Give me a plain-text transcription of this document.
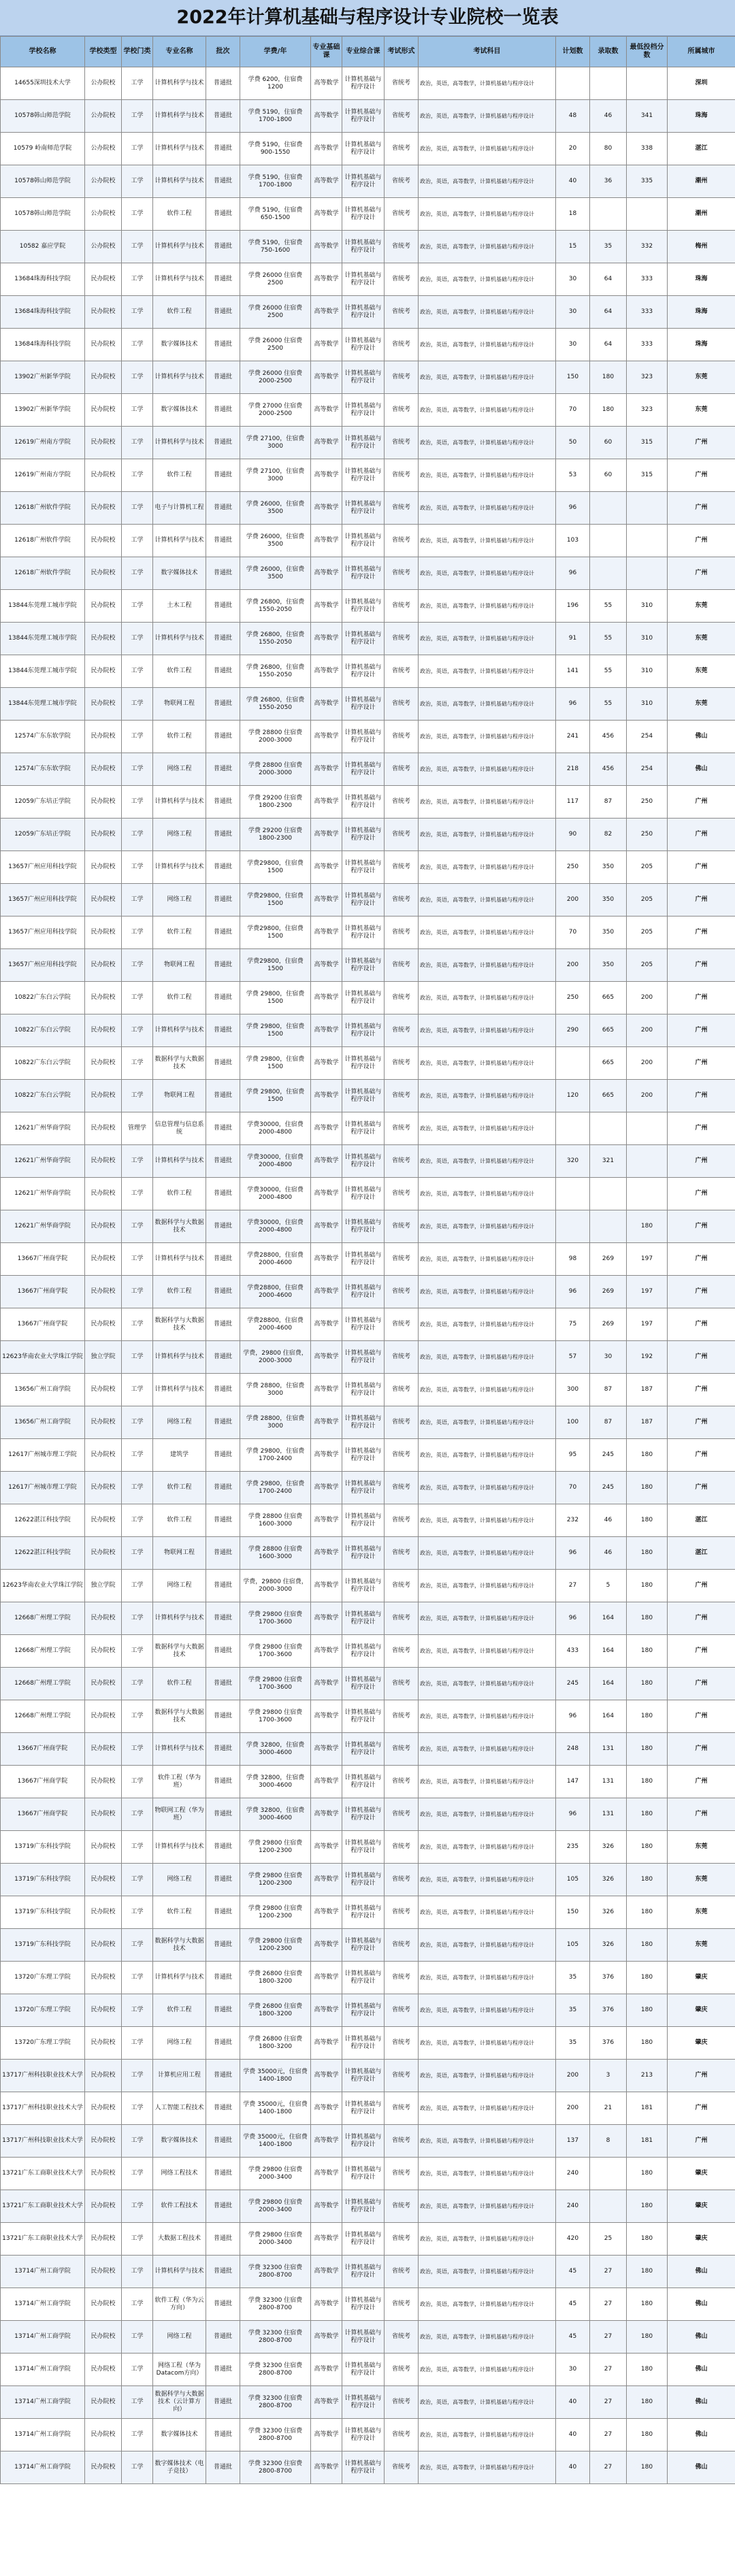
2022年计算机基础与程序设计专业院校一览表
学校名称	学校类型	学校门类	专业名称	批次	学费/年	专业基础课	专业综合课	考试形式	考试科目	计划数	录取数	最低投档分数	所属城市
14655深圳技术大学	公办院校	工学	计算机科学与技术	普通批	学费 6200，住宿费 1200	高等数学	计算机基础与程序设计	省统考	政治，英语，高等数学，计算机基础与程序设计				深圳
10578韩山师范学院	公办院校	工学	计算机科学与技术	普通批	学费 5190，住宿费 1700-1800	高等数学	计算机基础与程序设计	省统考	政治，英语，高等数学，计算机基础与程序设计	48	46	341	珠海
10579 岭南师范学院	公办院校	工学	计算机科学与技术	普通批	学费 5190，住宿费 900-1550	高等数学	计算机基础与程序设计	省统考	政治，英语，高等数学，计算机基础与程序设计	20	80	338	湛江
10578韩山师范学院	公办院校	工学	计算机科学与技术	普通批	学费 5190，住宿费 1700-1800	高等数学	计算机基础与程序设计	省统考	政治，英语，高等数学，计算机基础与程序设计	40	36	335	潮州
10578韩山师范学院	公办院校	工学	软件工程	普通批	学费 5190，住宿费 650-1500	高等数学	计算机基础与程序设计	省统考	政治，英语，高等数学，计算机基础与程序设计	18			潮州
10582 嘉应学院	公办院校	工学	计算机科学与技术	普通批	学费 5190，住宿费 750-1600	高等数学	计算机基础与程序设计	省统考	政治，英语，高等数学，计算机基础与程序设计	15	35	332	梅州
13684珠海科技学院	民办院校	工学	计算机科学与技术	普通批	学费 26000 住宿费 2500	高等数学	计算机基础与程序设计	省统考	政治，英语，高等数学，计算机基础与程序设计	30	64	333	珠海
13684珠海科技学院	民办院校	工学	软件工程	普通批	学费 26000 住宿费 2500	高等数学	计算机基础与程序设计	省统考	政治，英语，高等数学，计算机基础与程序设计	30	64	333	珠海
13684珠海科技学院	民办院校	工学	数字媒体技术	普通批	学费 26000 住宿费 2500	高等数学	计算机基础与程序设计	省统考	政治，英语，高等数学，计算机基础与程序设计	30	64	333	珠海
13902广州新华学院	民办院校	工学	计算机科学与技术	普通批	学费 26000 住宿费 2000-2500	高等数学	计算机基础与程序设计	省统考	政治，英语，高等数学，计算机基础与程序设计	150	180	323	东莞
13902广州新华学院	民办院校	工学	数字媒体技术	普通批	学费 27000 住宿费 2000-2500	高等数学	计算机基础与程序设计	省统考	政治，英语，高等数学，计算机基础与程序设计	70	180	323	东莞
12619广州南方学院	民办院校	工学	计算机科学与技术	普通批	学费 27100，住宿费 3000	高等数学	计算机基础与程序设计	省统考	政治，英语，高等数学，计算机基础与程序设计	50	60	315	广州
12619广州南方学院	民办院校	工学	软件工程	普通批	学费 27100，住宿费 3000	高等数学	计算机基础与程序设计	省统考	政治，英语，高等数学，计算机基础与程序设计	53	60	315	广州
12618广州软件学院	民办院校	工学	电子与计算机工程	普通批	学费 26000，住宿费 3500	高等数学	计算机基础与程序设计	省统考	政治，英语，高等数学，计算机基础与程序设计	96			广州
12618广州软件学院	民办院校	工学	计算机科学与技术	普通批	学费 26000，住宿费 3500	高等数学	计算机基础与程序设计	省统考	政治，英语，高等数学，计算机基础与程序设计	103			广州
12618广州软件学院	民办院校	工学	数字媒体技术	普通批	学费 26000，住宿费 3500	高等数学	计算机基础与程序设计	省统考	政治，英语，高等数学，计算机基础与程序设计	96			广州
13844东莞理工城市学院	民办院校	工学	土木工程	普通批	学费 26800，住宿费 1550-2050	高等数学	计算机基础与程序设计	省统考	政治，英语，高等数学，计算机基础与程序设计	196	55	310	东莞
13844东莞理工城市学院	民办院校	工学	计算机科学与技术	普通批	学费 26800，住宿费 1550-2050	高等数学	计算机基础与程序设计	省统考	政治，英语，高等数学，计算机基础与程序设计	91	55	310	东莞
13844东莞理工城市学院	民办院校	工学	软件工程	普通批	学费 26800，住宿费 1550-2050	高等数学	计算机基础与程序设计	省统考	政治，英语，高等数学，计算机基础与程序设计	141	55	310	东莞
13844东莞理工城市学院	民办院校	工学	物联网工程	普通批	学费 26800，住宿费 1550-2050	高等数学	计算机基础与程序设计	省统考	政治，英语，高等数学，计算机基础与程序设计	96	55	310	东莞
12574广东东软学院	民办院校	工学	软件工程	普通批	学费 28800 住宿费 2000-3000	高等数学	计算机基础与程序设计	省统考	政治，英语，高等数学，计算机基础与程序设计	241	456	254	佛山
12574广东东软学院	民办院校	工学	网络工程	普通批	学费 28800 住宿费 2000-3000	高等数学	计算机基础与程序设计	省统考	政治，英语，高等数学，计算机基础与程序设计	218	456	254	佛山
12059广东培正学院	民办院校	工学	计算机科学与技术	普通批	学费 29200 住宿费 1800-2300	高等数学	计算机基础与程序设计	省统考	政治，英语，高等数学，计算机基础与程序设计	117	87	250	广州
12059广东培正学院	民办院校	工学	网络工程	普通批	学费 29200 住宿费 1800-2300	高等数学	计算机基础与程序设计	省统考	政治，英语，高等数学，计算机基础与程序设计	90	82	250	广州
13657广州应用科技学院	民办院校	工学	计算机科学与技术	普通批	学费29800，住宿费1500	高等数学	计算机基础与程序设计	省统考	政治，英语，高等数学，计算机基础与程序设计	250	350	205	广州
13657广州应用科技学院	民办院校	工学	网络工程	普通批	学费29800，住宿费1500	高等数学	计算机基础与程序设计	省统考	政治，英语，高等数学，计算机基础与程序设计	200	350	205	广州
13657广州应用科技学院	民办院校	工学	软件工程	普通批	学费29800，住宿费1500	高等数学	计算机基础与程序设计	省统考	政治，英语，高等数学，计算机基础与程序设计	70	350	205	广州
13657广州应用科技学院	民办院校	工学	物联网工程	普通批	学费29800，住宿费1500	高等数学	计算机基础与程序设计	省统考	政治，英语，高等数学，计算机基础与程序设计	200	350	205	广州
10822广东白云学院	民办院校	工学	软件工程	普通批	学费 29800，住宿费 1500	高等数学	计算机基础与程序设计	省统考	政治，英语，高等数学，计算机基础与程序设计	250	665	200	广州
10822广东白云学院	民办院校	工学	计算机科学与技术	普通批	学费 29800，住宿费 1500	高等数学	计算机基础与程序设计	省统考	政治，英语，高等数学，计算机基础与程序设计	290	665	200	广州
10822广东白云学院	民办院校	工学	数据科学与大数据技术	普通批	学费 29800，住宿费 1500	高等数学	计算机基础与程序设计	省统考	政治，英语，高等数学，计算机基础与程序设计		665	200	广州
10822广东白云学院	民办院校	工学	物联网工程	普通批	学费 29800，住宿费 1500	高等数学	计算机基础与程序设计	省统考	政治，英语，高等数学，计算机基础与程序设计	120	665	200	广州
12621广州华商学院	民办院校	管理学	信息管理与信息系统	普通批	学费30000，住宿费2000-4800	高等数学	计算机基础与程序设计	省统考	政治，英语，高等数学，计算机基础与程序设计				广州
12621广州华商学院	民办院校	工学	计算机科学与技术	普通批	学费30000，住宿费2000-4800	高等数学	计算机基础与程序设计	省统考	政治，英语，高等数学，计算机基础与程序设计	320	321		广州
12621广州华商学院	民办院校	工学	软件工程	普通批	学费30000，住宿费2000-4800	高等数学	计算机基础与程序设计	省统考	政治，英语，高等数学，计算机基础与程序设计				广州
12621广州华商学院	民办院校	工学	数据科学与大数据技术	普通批	学费30000，住宿费2000-4800	高等数学	计算机基础与程序设计	省统考	政治，英语，高等数学，计算机基础与程序设计			180	广州
13667广州商学院	民办院校	工学	计算机科学与技术	普通批	学费28800，住宿费2000-4600	高等数学	计算机基础与程序设计	省统考	政治，英语，高等数学，计算机基础与程序设计	98	269	197	广州
13667广州商学院	民办院校	工学	软件工程	普通批	学费28800，住宿费2000-4600	高等数学	计算机基础与程序设计	省统考	政治，英语，高等数学，计算机基础与程序设计	96	269	197	广州
13667广州商学院	民办院校	工学	数据科学与大数据技术	普通批	学费28800，住宿费2000-4600	高等数学	计算机基础与程序设计	省统考	政治，英语，高等数学，计算机基础与程序设计	75	269	197	广州
12623华南农业大学珠江学院	独立学院	工学	计算机科学与技术	普通批	学费，29800 住宿费，2000-3000	高等数学	计算机基础与程序设计	省统考	政治，英语，高等数学，计算机基础与程序设计	57	30	192	广州
13656广州工商学院	民办院校	工学	计算机科学与技术	普通批	学费 28800，住宿费 3000	高等数学	计算机基础与程序设计	省统考	政治，英语，高等数学，计算机基础与程序设计	300	87	187	广州
13656广州工商学院	民办院校	工学	网络工程	普通批	学费 28800，住宿费 3000	高等数学	计算机基础与程序设计	省统考	政治，英语，高等数学，计算机基础与程序设计	100	87	187	广州
12617广州城市理工学院	民办院校	工学	建筑学	普通批	学费 29800，住宿费 1700-2400	高等数学	计算机基础与程序设计	省统考	政治，英语，高等数学，计算机基础与程序设计	95	245	180	广州
12617广州城市理工学院	民办院校	工学	软件工程	普通批	学费 29800，住宿费 1700-2400	高等数学	计算机基础与程序设计	省统考	政治，英语，高等数学，计算机基础与程序设计	70	245	180	广州
12622湛江科技学院	民办院校	工学	软件工程	普通批	学费 28800 住宿费 1600-3000	高等数学	计算机基础与程序设计	省统考	政治，英语，高等数学，计算机基础与程序设计	232	46	180	湛江
12622湛江科技学院	民办院校	工学	物联网工程	普通批	学费 28800 住宿费 1600-3000	高等数学	计算机基础与程序设计	省统考	政治，英语，高等数学，计算机基础与程序设计	96	46	180	湛江
12623华南农业大学珠江学院	独立学院	工学	网络工程	普通批	学费，29800 住宿费，2000-3000	高等数学	计算机基础与程序设计	省统考	政治，英语，高等数学，计算机基础与程序设计	27	5	180	广州
12668广州理工学院	民办院校	工学	计算机科学与技术	普通批	学费 29800 住宿费 1700-3600	高等数学	计算机基础与程序设计	省统考	政治，英语，高等数学，计算机基础与程序设计	96	164	180	广州
12668广州理工学院	民办院校	工学	数据科学与大数据技术	普通批	学费 29800 住宿费 1700-3600	高等数学	计算机基础与程序设计	省统考	政治，英语，高等数学，计算机基础与程序设计	433	164	180	广州
12668广州理工学院	民办院校	工学	软件工程	普通批	学费 29800 住宿费 1700-3600	高等数学	计算机基础与程序设计	省统考	政治，英语，高等数学，计算机基础与程序设计	245	164	180	广州
12668广州理工学院	民办院校	工学	数据科学与大数据技术	普通批	学费 29800 住宿费 1700-3600	高等数学	计算机基础与程序设计	省统考	政治，英语，高等数学，计算机基础与程序设计	96	164	180	广州
13667广州商学院	民办院校	工学	计算机科学与技术	普通批	学费 32800，住宿费 3000-4600	高等数学	计算机基础与程序设计	省统考	政治，英语，高等数学，计算机基础与程序设计	248	131	180	广州
13667广州商学院	民办院校	工学	软件工程（华为班）	普通批	学费 32800，住宿费 3000-4600	高等数学	计算机基础与程序设计	省统考	政治，英语，高等数学，计算机基础与程序设计	147	131	180	广州
13667广州商学院	民办院校	工学	物联网工程（华为班）	普通批	学费 32800，住宿费 3000-4600	高等数学	计算机基础与程序设计	省统考	政治，英语，高等数学，计算机基础与程序设计	96	131	180	广州
13719广东科技学院	民办院校	工学	计算机科学与技术	普通批	学费 29800 住宿费 1200-2300	高等数学	计算机基础与程序设计	省统考	政治，英语，高等数学，计算机基础与程序设计	235	326	180	东莞
13719广东科技学院	民办院校	工学	网络工程	普通批	学费 29800 住宿费 1200-2300	高等数学	计算机基础与程序设计	省统考	政治，英语，高等数学，计算机基础与程序设计	105	326	180	东莞
13719广东科技学院	民办院校	工学	软件工程	普通批	学费 29800 住宿费 1200-2300	高等数学	计算机基础与程序设计	省统考	政治，英语，高等数学，计算机基础与程序设计	150	326	180	东莞
13719广东科技学院	民办院校	工学	数据科学与大数据技术	普通批	学费 29800 住宿费 1200-2300	高等数学	计算机基础与程序设计	省统考	政治，英语，高等数学，计算机基础与程序设计	105	326	180	东莞
13720广东理工学院	民办院校	工学	计算机科学与技术	普通批	学费 26800 住宿费 1800-3200	高等数学	计算机基础与程序设计	省统考	政治，英语，高等数学，计算机基础与程序设计	35	376	180	肇庆
13720广东理工学院	民办院校	工学	软件工程	普通批	学费 26800 住宿费 1800-3200	高等数学	计算机基础与程序设计	省统考	政治，英语，高等数学，计算机基础与程序设计	35	376	180	肇庆
13720广东理工学院	民办院校	工学	网络工程	普通批	学费 26800 住宿费 1800-3200	高等数学	计算机基础与程序设计	省统考	政治，英语，高等数学，计算机基础与程序设计	35	376	180	肇庆
13717广州科技职业技术大学	民办院校	工学	计算机应用工程	普通批	学费 35000元，住宿费 1400-1800	高等数学	计算机基础与程序设计	省统考	政治，英语，高等数学，计算机基础与程序设计	200	3	213	广州
13717广州科技职业技术大学	民办院校	工学	人工智能工程技术	普通批	学费 35000元，住宿费 1400-1800	高等数学	计算机基础与程序设计	省统考	政治，英语，高等数学，计算机基础与程序设计	200	21	181	广州
13717广州科技职业技术大学	民办院校	工学	数字媒体技术	普通批	学费 35000元，住宿费 1400-1800	高等数学	计算机基础与程序设计	省统考	政治，英语，高等数学，计算机基础与程序设计	137	8	181	广州
13721广东工商职业技术大学	民办院校	工学	网络工程技术	普通批	学费 29800 住宿费 2000-3400	高等数学	计算机基础与程序设计	省统考	政治，英语，高等数学，计算机基础与程序设计	240		180	肇庆
13721广东工商职业技术大学	民办院校	工学	软件工程技术	普通批	学费 29800 住宿费 2000-3400	高等数学	计算机基础与程序设计	省统考	政治，英语，高等数学，计算机基础与程序设计	240		180	肇庆
13721广东工商职业技术大学	民办院校	工学	大数据工程技术	普通批	学费 29800 住宿费 2000-3400	高等数学	计算机基础与程序设计	省统考	政治，英语，高等数学，计算机基础与程序设计	420	25	180	肇庆
13714广州工商学院	民办院校	工学	计算机科学与技术	普通批	学费 32300 住宿费 2800-8700	高等数学	计算机基础与程序设计	省统考	政治，英语，高等数学，计算机基础与程序设计	45	27	180	佛山
13714广州工商学院	民办院校	工学	软件工程（华为云方向）	普通批	学费 32300 住宿费 2800-8700	高等数学	计算机基础与程序设计	省统考	政治，英语，高等数学，计算机基础与程序设计	45	27	180	佛山
13714广州工商学院	民办院校	工学	网络工程	普通批	学费 32300 住宿费 2800-8700	高等数学	计算机基础与程序设计	省统考	政治，英语，高等数学，计算机基础与程序设计	45	27	180	佛山
13714广州工商学院	民办院校	工学	网络工程（华为Datacom方向）	普通批	学费 32300 住宿费 2800-8700	高等数学	计算机基础与程序设计	省统考	政治，英语，高等数学，计算机基础与程序设计	30	27	180	佛山
13714广州工商学院	民办院校	工学	数据科学与大数据技术（云计算方向）	普通批	学费 32300 住宿费 2800-8700	高等数学	计算机基础与程序设计	省统考	政治，英语，高等数学，计算机基础与程序设计	40	27	180	佛山
13714广州工商学院	民办院校	工学	数字媒体技术	普通批	学费 32300 住宿费 2800-8700	高等数学	计算机基础与程序设计	省统考	政治，英语，高等数学，计算机基础与程序设计	40	27	180	佛山
13714广州工商学院	民办院校	工学	数字媒体技术（电子竞技）	普通批	学费 32300 住宿费 2800-8700	高等数学	计算机基础与程序设计	省统考	政治，英语，高等数学，计算机基础与程序设计	40	27	180	佛山
